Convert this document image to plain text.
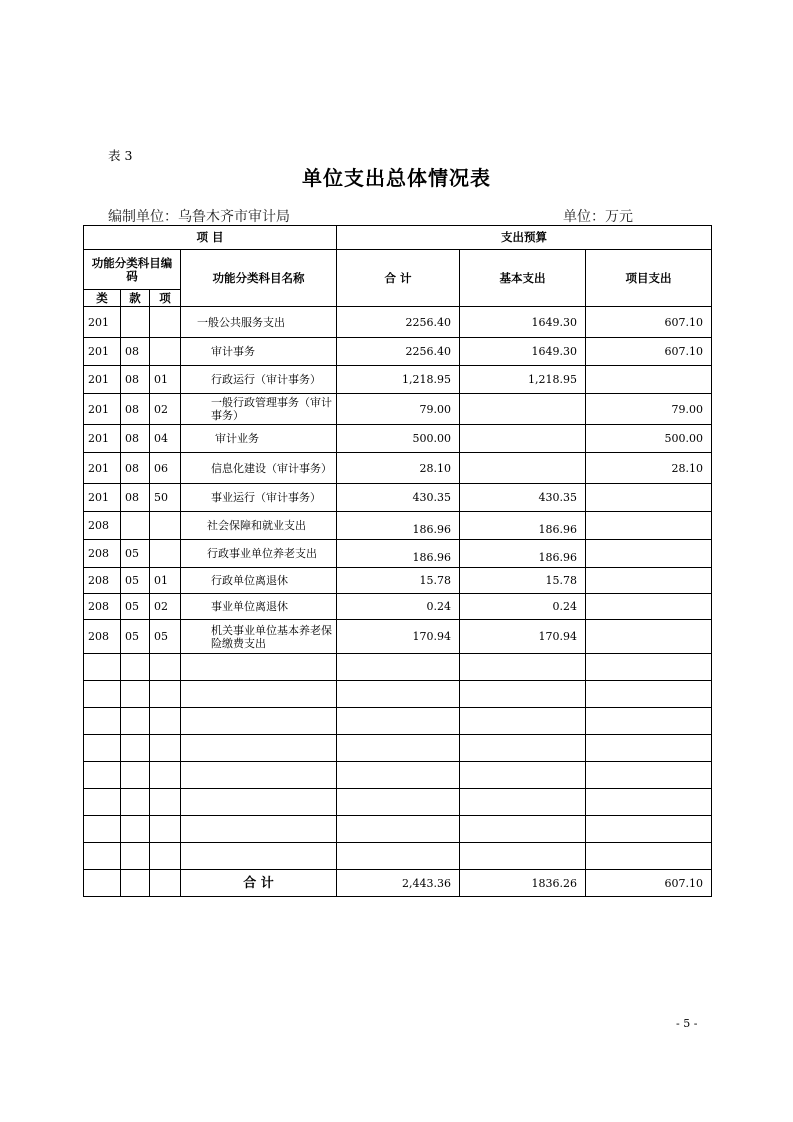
表 3
单位支出总体情况表
编制单位：乌鲁木齐市审计局	单位：万元
项 目				支出预算		
功能分类科目编码			功能分类科目名称	合 计	基本支出	项目支出
类	款	项				
201			一般公共服务支出	2256.40	1649.30	607.10
201	08		审计事务	2256.40	1649.30	607.10
201	08	01	行政运行（审计事务）	1,218.95	1,218.95	
201	08	02	一般行政管理事务（审计事务）	79.00		79.00
201	08	04	审计业务	500.00		500.00
201	08	06	信息化建设（审计事务）	28.10		28.10
201	08	50	事业运行（审计事务）	430.35	430.35	
208			社会保障和就业支出	186.96	186.96	
208	05		行政事业单位养老支出	186.96	186.96	
208	05	01	行政单位离退休	15.78	15.78	
208	05	02	事业单位离退休	0.24	0.24	
208	05	05	机关事业单位基本养老保险缴费支出	170.94	170.94	

			合 计	2,443.36	1836.26	607.10
- 5 -
